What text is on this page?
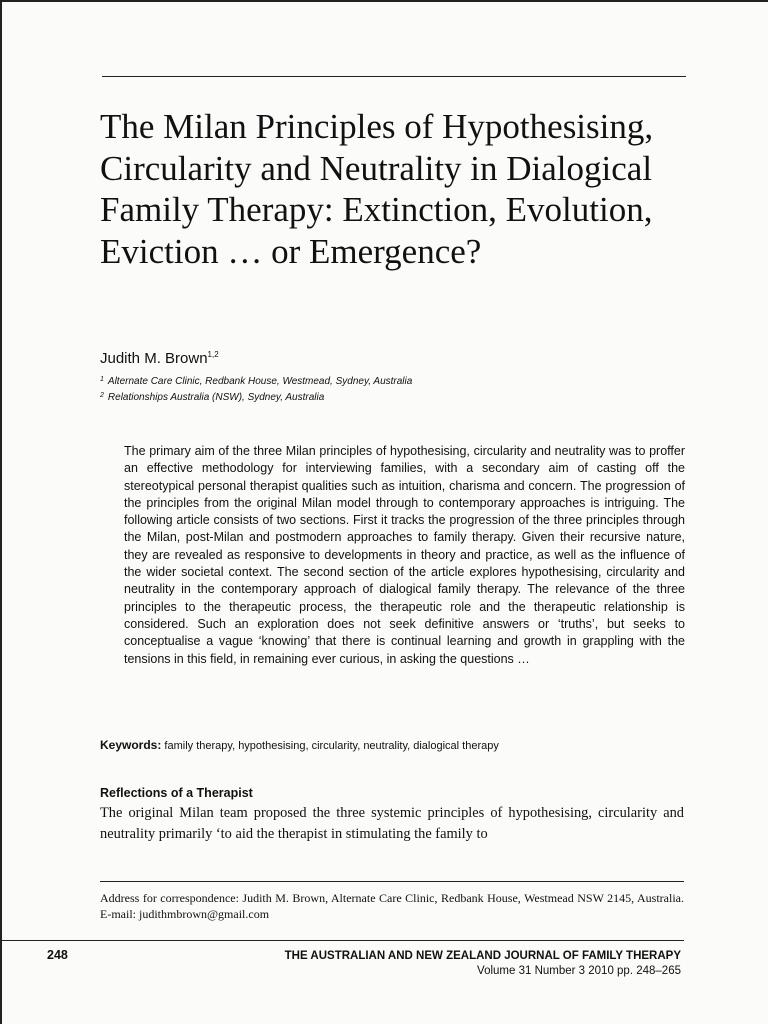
The Milan Principles of Hypothesising, Circularity and Neutrality in Dialogical Family Therapy: Extinction, Evolution, Eviction … or Emergence?
Judith M. Brown$^{1,2}$
$^1$ Alternate Care Clinic, Redbank House, Westmead, Sydney, Australia
$^2$ Relationships Australia (NSW), Sydney, Australia

The primary aim of the three Milan principles of hypothesising, circularity and neutrality was to proffer an effective methodology for interviewing families, with a secondary aim of casting off the stereotypical personal therapist qualities such as intuition, charisma and concern. The progression of the principles from the original Milan model through to contemporary approaches is intriguing. The following article consists of two sections. First it tracks the progression of the three principles through the Milan, post-Milan and postmodern approaches to family therapy. Given their recursive nature, they are revealed as responsive to developments in theory and practice, as well as the influence of the wider societal context. The second section of the article explores hypothesising, circularity and neutrality in the contemporary approach of dialogical family therapy. The relevance of the three principles to the therapeutic process, the therapeutic role and the therapeutic relationship is considered. Such an exploration does not seek definitive answers or ‘truths’, but seeks to conceptualise a vague ‘knowing’ that there is continual learning and growth in grappling with the tensions in this field, in remaining ever curious, in asking the questions …

Keywords: family therapy, hypothesising, circularity, neutrality, dialogical therapy
Reflections of a Therapist

The original Milan team proposed the three systemic principles of hypothesising, circularity and neutrality primarily ‘to aid the therapist in stimulating the family to

Address for correspondence: Judith M. Brown, Alternate Care Clinic, Redbank House, Westmead NSW 2145, Australia. E-mail: judithmbrown@gmail.com

248	THE AUSTRALIAN AND NEW ZEALAND JOURNAL OF FAMILY THERAPY
Volume 31 Number 3 2010 pp. 248–265
